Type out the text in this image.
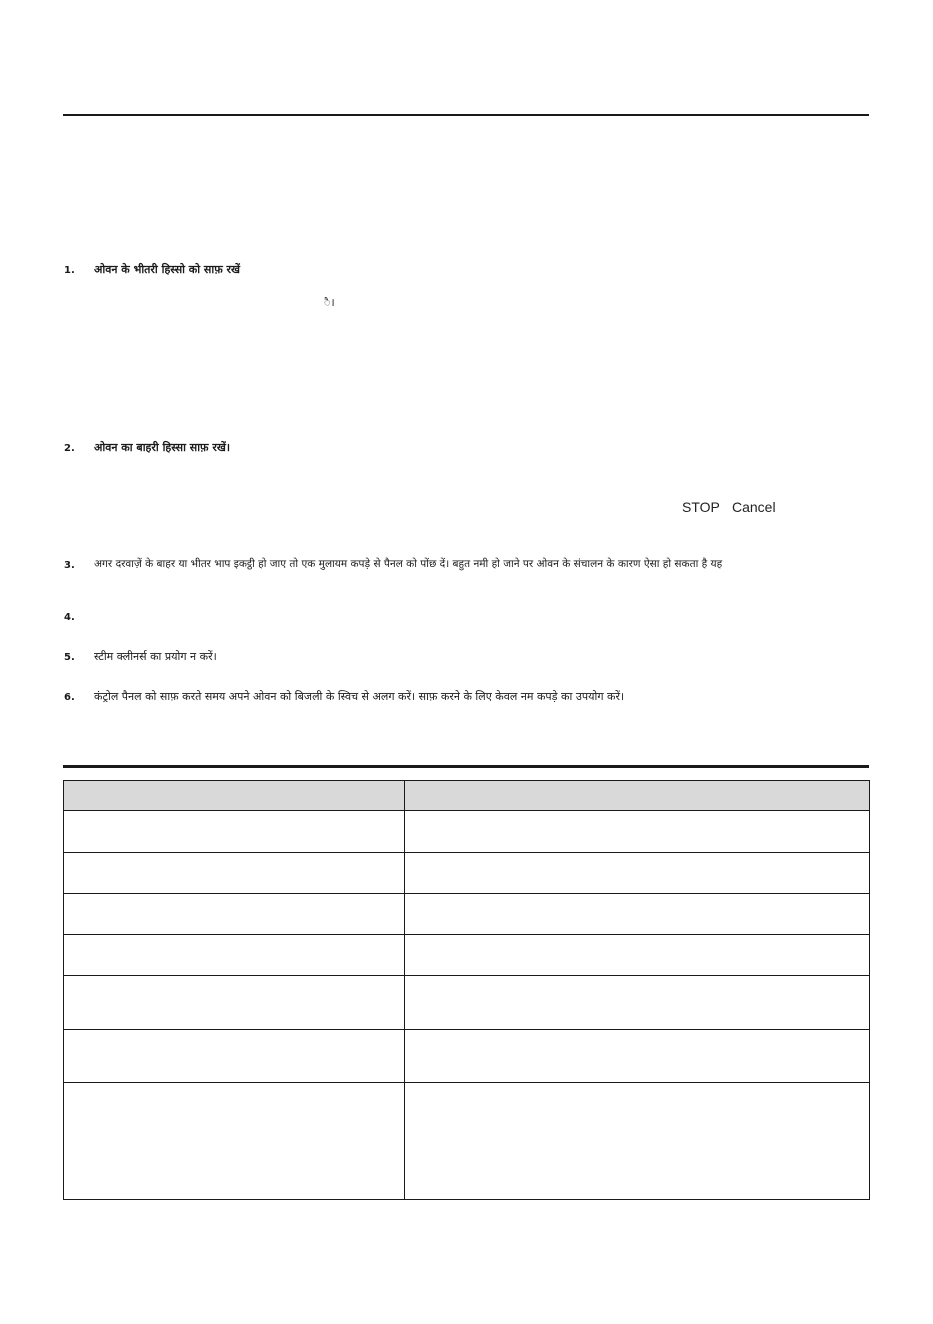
1. ओवन के भीतरी हिस्सो को साफ़ रखें
ै।
2. ओवन का बाहरी हिस्सा साफ़ रखें।
STOP Cancel
3. अगर दरवाज़ें के बाहर या भीतर भाप इकट्ठी हो जाए तो एक मुलायम कपड़े से पैनल को पोंछ दें। बहुत नमी हो जाने पर ओवन के संचालन के कारण ऐसा हो सकता है यह
4.
5. स्टीम क्लीनर्स का प्रयोग न करें।
6. कंट्रोल पैनल को साफ़ करते समय अपने ओवन को बिजली के स्विच से अलग करें। साफ़ करने के लिए केवल नम कपड़े का उपयोग करें।
